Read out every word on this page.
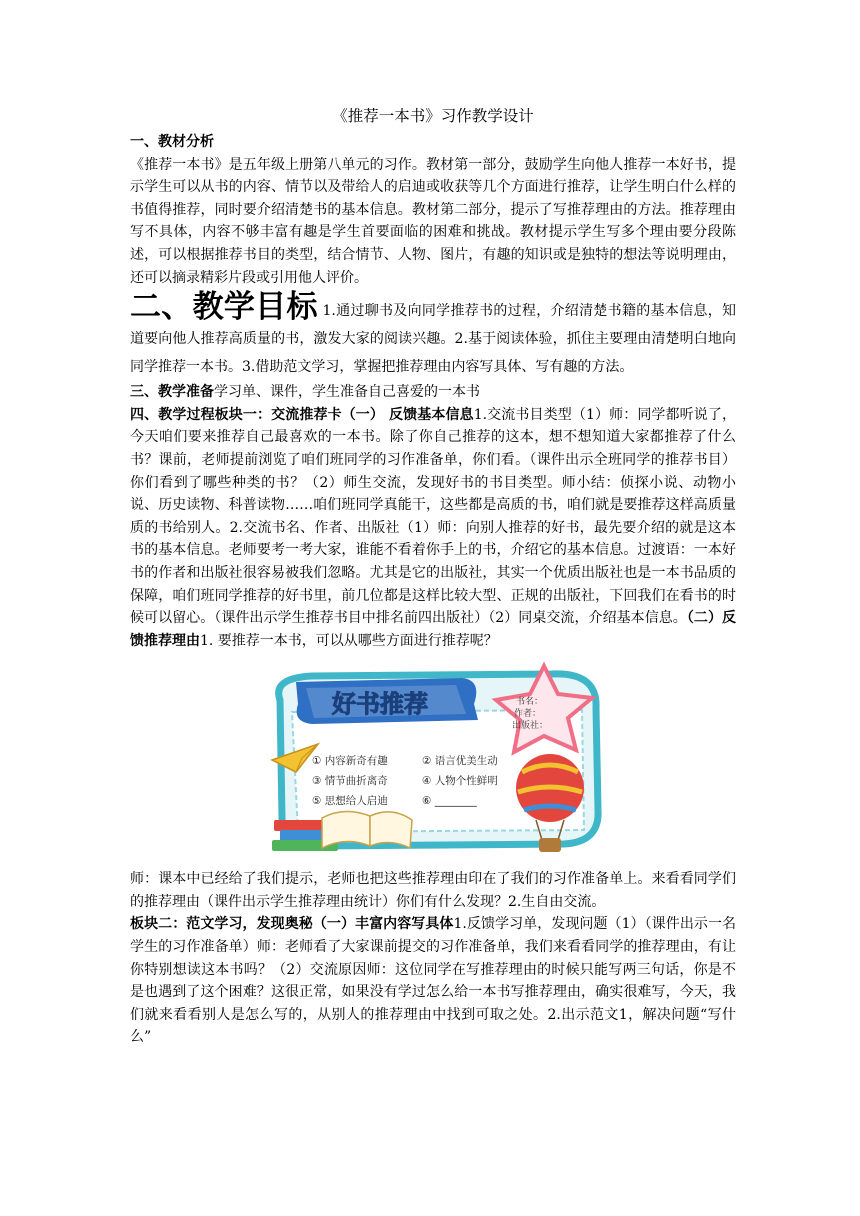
《推荐一本书》习作教学设计

一、教材分析

《推荐一本书》是五年级上册第八单元的习作。教材第一部分，鼓励学生向他人推荐一本好书，提示学生可以从书的内容、情节以及带给人的启迪或收获等几个方面进行推荐，让学生明白什么样的书值得推荐，同时要介绍清楚书的基本信息。教材第二部分，提示了写推荐理由的方法。推荐理由写不具体，内容不够丰富有趣是学生首要面临的困难和挑战。教材提示学生写多个理由要分段陈述，可以根据推荐书目的类型，结合情节、人物、图片，有趣的知识或是独特的想法等说明理由，还可以摘录精彩片段或引用他人评价。

二、教学目标 1.通过聊书及向同学推荐书的过程，介绍清楚书籍的基本信息，知道要向他人推荐高质量的书，激发大家的阅读兴趣。2.基于阅读体验，抓住主要理由清楚明白地向同学推荐一本书。3.借助范文学习，掌握把推荐理由内容写具体、写有趣的方法。

三、教学准备学习单、课件，学生准备自己喜爱的一本书

四、教学过程板块一：交流推荐卡（一） 反馈基本信息1.交流书目类型（1）师：同学都听说了，今天咱们要来推荐自己最喜欢的一本书。除了你自己推荐的这本，想不想知道大家都推荐了什么书？课前，老师提前浏览了咱们班同学的习作准备单，你们看。（课件出示全班同学的推荐书目）你们看到了哪些种类的书？（2）师生交流，发现好书的书目类型。师小结：侦探小说、动物小说、历史读物、科普读物……咱们班同学真能干，这些都是高质的书，咱们就是要推荐这样高质量质的书给别人。2.交流书名、作者、出版社（1）师：向别人推荐的好书，最先要介绍的就是这本书的基本信息。老师要考一考大家，谁能不看着你手上的书，介绍它的基本信息。过渡语：一本好书的作者和出版社很容易被我们忽略。尤其是它的出版社，其实一个优质出版社也是一本书品质的保障，咱们班同学推荐的好书里，前几位都是这样比较大型、正规的出版社，下回我们在看书的时候可以留心。（课件出示学生推荐书目中排名前四出版社）（2）同桌交流，介绍基本信息。（二）反馈推荐理由1. 要推荐一本书，可以从哪些方面进行推荐呢？

好书推荐	书名：
作者：
出版社：
① 内容新奇有趣	② 语言优美生动
③ 情节曲折离奇	④ 人物个性鲜明
⑤ 思想给人启迪	⑥ ________

师：课本中已经给了我们提示，老师也把这些推荐理由印在了我们的习作准备单上。来看看同学们的推荐理由（课件出示学生推荐理由统计）你们有什么发现？2.生自由交流。

板块二：范文学习，发现奥秘（一）丰富内容写具体1.反馈学习单，发现问题（1）（课件出示一名学生的习作准备单）师：老师看了大家课前提交的习作准备单，我们来看看同学的推荐理由，有让你特别想读这本书吗？（2）交流原因师：这位同学在写推荐理由的时候只能写两三句话，你是不是也遇到了这个困难？这很正常，如果没有学过怎么给一本书写推荐理由，确实很难写，今天，我们就来看看别人是怎么写的，从别人的推荐理由中找到可取之处。2.出示范文1，解决问题“写什么”
